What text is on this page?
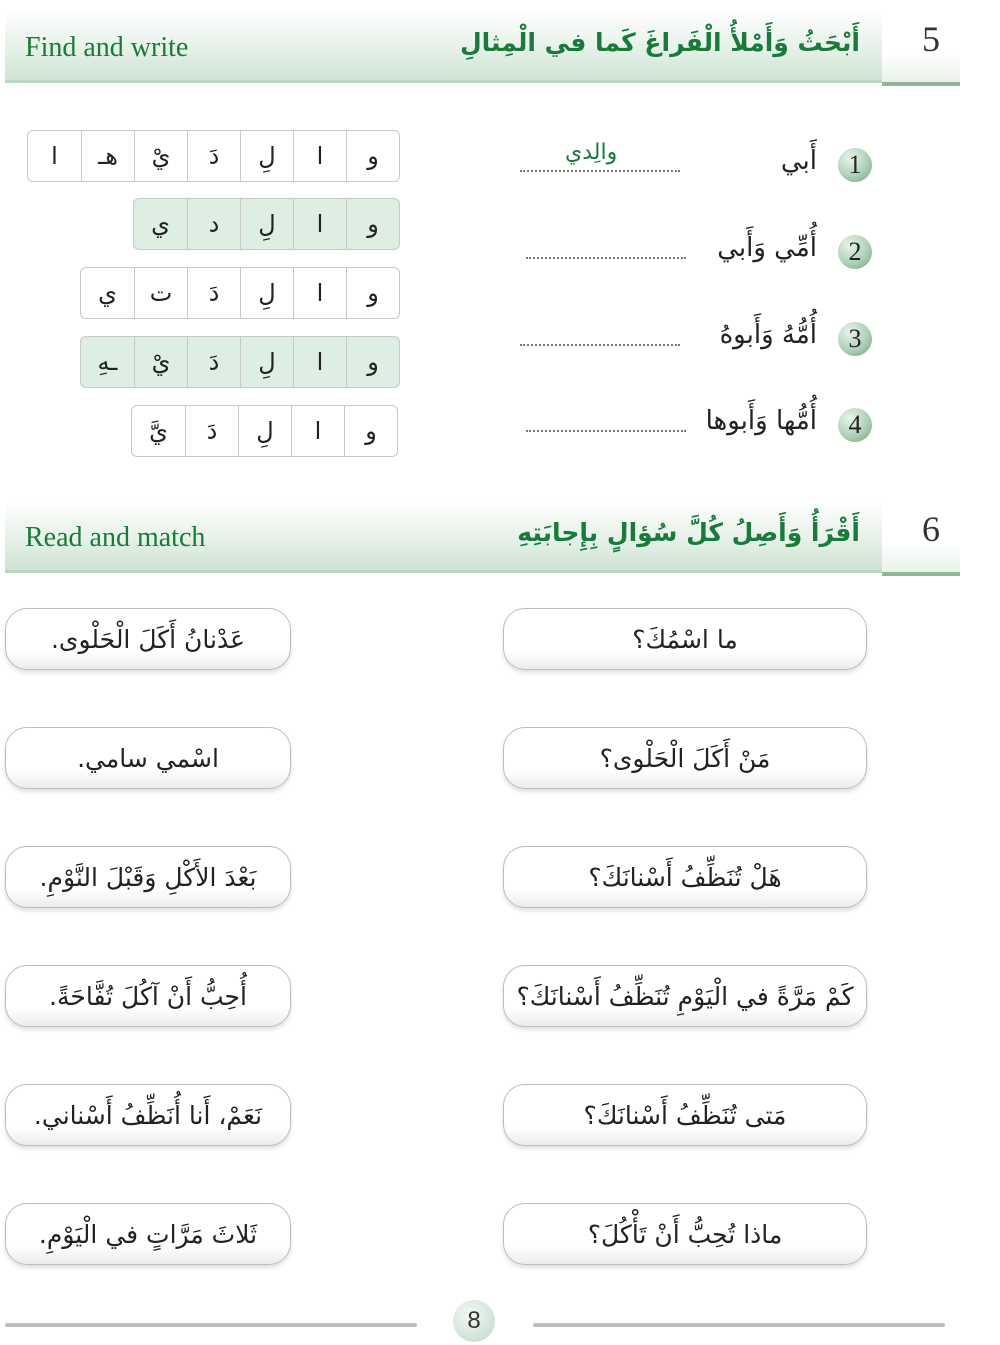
5
Find and write	أَبْحَثُ وَأَمْلأُ الْفَراغَ كَما في الْمِثالِ
و
ا
لِ
دَ
يْ
هـ
ا
و
ا
لِ
د
ي
و
ا
لِ
دَ
ت
ي
و
ا
لِ
دَ
يْ
ـهِ
و
ا
لِ
دَ
يَّ
1
أَبي
والِدي
2
أُمِّي وَأَبي
3
أُمُّهُ وَأَبوهُ
4
أُمُّها وَأَبوها
6
Read and match	أَقْرَأُ وَأَصِلُ كُلَّ سُؤالٍ بِإِجابَتِهِ
ما اسْمُكَ؟
مَنْ أَكَلَ الْحَلْوى؟
هَلْ تُنَظِّفُ أَسْنانَكَ؟
كَمْ مَرَّةً في الْيَوْمِ تُنَظِّفُ أَسْنانَكَ؟
مَتى تُنَظِّفُ أَسْنانَكَ؟
ماذا تُحِبُّ أَنْ تَأْكُلَ؟
عَدْنانُ أَكَلَ الْحَلْوى.
اسْمي سامي.
بَعْدَ الأَكْلِ وَقَبْلَ النَّوْمِ.
أُحِبُّ أَنْ آكُلَ تُفَّاحَةً.
نَعَمْ، أَنا أُنَظِّفُ أَسْناني.
ثَلاثَ مَرَّاتٍ في الْيَوْمِ.
8
